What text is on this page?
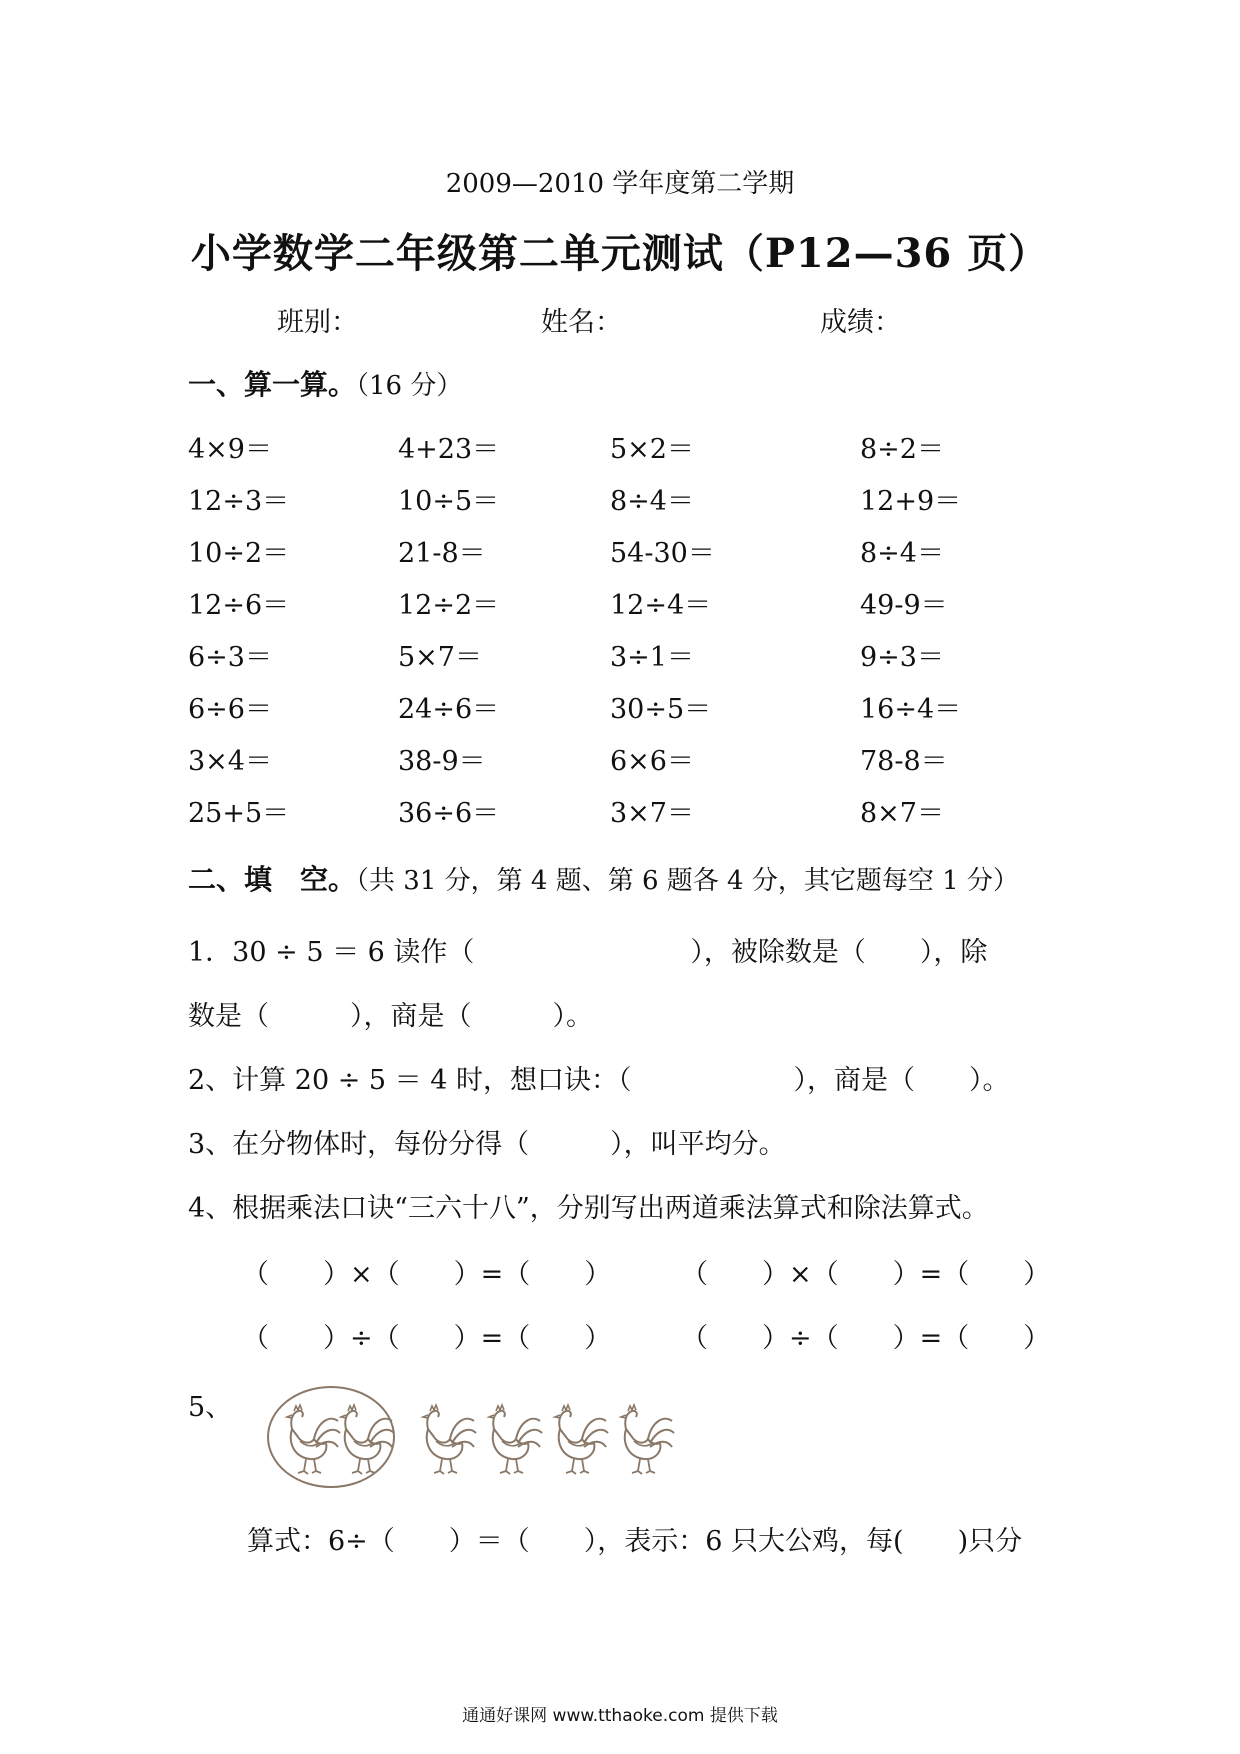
2009—2010 学年度第二学期
小学数学二年级第二单元测试（P12—36 页）
班别：	姓名：	成绩：
一、算一算。（16 分）
4×9＝	4+23＝	5×2＝	8÷2＝
12÷3＝	10÷5＝	8÷4＝	12+9＝
10÷2＝	21-8＝	54-30＝	8÷4＝
12÷6＝	12÷2＝	12÷4＝	49-9＝
6÷3＝	5×7＝	3÷1＝	9÷3＝
6÷6＝	24÷6＝	30÷5＝	16÷4＝
3×4＝	38-9＝	6×6＝	78-8＝
25+5＝	36÷6＝	3×7＝	8×7＝
二、填　空。（共 31 分，第 4 题、第 6 题各 4 分，其它题每空 1 分）
1．30 ÷ 5 ＝ 6 读作（　　　　　　　　），被除数是（　　），除
数是（　　　），商是（　　　）。
2、计算 20 ÷ 5 ＝ 4 时，想口诀：（　　　　　　），商是（　　）。
3、在分物体时，每份分得（　　　），叫平均分。
4、根据乘法口诀“三六十八”，分别写出两道乘法算式和除法算式。
（　　）×（　　）=（　　）	（　　）×（　　）=（　　）
（　　）÷（　　）=（　　）	（　　）÷（　　）=（　　）
5、
算式：6÷（　　）＝（　　），表示：6 只大公鸡，每(　　)只分
通通好课网 www.tthaoke.com 提供下载
